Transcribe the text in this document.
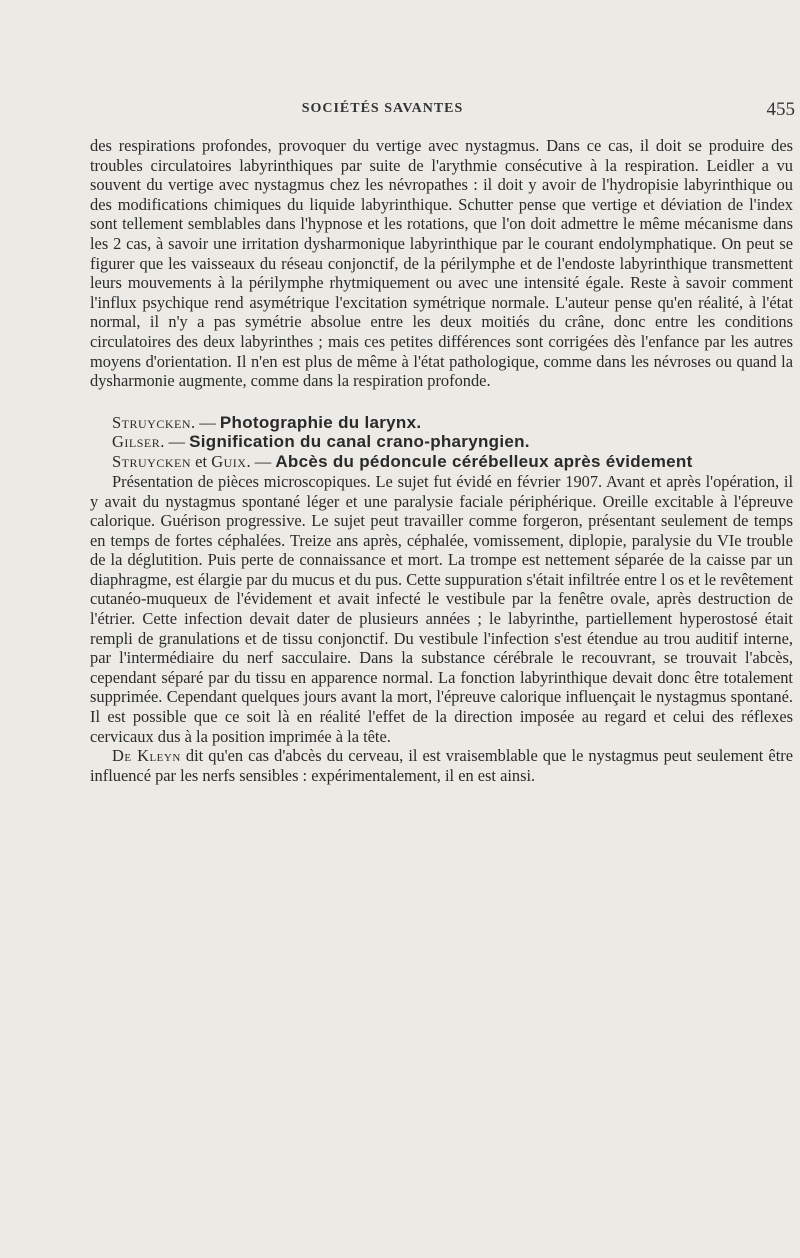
SOCIÉTÉS SAVANTES	455

des respirations profondes, provoquer du vertige avec nystagmus. Dans ce cas, il doit se produire des troubles circulatoires labyrinthiques par suite de l'arythmie consécutive à la respiration. Leidler a vu souvent du vertige avec nystagmus chez les névropathes : il doit y avoir de l'hydropisie labyrinthique ou des modifications chimiques du liquide labyrinthique. Schutter pense que vertige et déviation de l'index sont tellement semblables dans l'hypnose et les rotations, que l'on doit admettre le même mécanisme dans les 2 cas, à savoir une irritation dysharmonique labyrinthique par le courant endolymphatique. On peut se figurer que les vaisseaux du réseau conjonctif, de la périlymphe et de l'endoste labyrinthique transmettent leurs mouvements à la périlymphe rhytmiquement ou avec une intensité égale. Reste à savoir comment l'influx psychique rend asymétrique l'excitation symétrique normale. L'auteur pense qu'en réalité, à l'état normal, il n'y a pas symétrie absolue entre les deux moitiés du crâne, donc entre les conditions circulatoires des deux labyrinthes ; mais ces petites différences sont corrigées dès l'enfance par les autres moyens d'orientation. Il n'en est plus de même à l'état pathologique, comme dans les névroses ou quand la dysharmonie augmente, comme dans la respiration profonde.

Struycken. — Photographie du larynx.

Gilser. — Signification du canal crano-pharyngien.

Struycken et Guix. — Abcès du pédoncule cérébelleux après évidement

Présentation de pièces microscopiques. Le sujet fut évidé en février 1907. Avant et après l'opération, il y avait du nystagmus spontané léger et une paralysie faciale périphérique. Oreille excitable à l'épreuve calorique. Guérison progressive. Le sujet peut travailler comme forgeron, présentant seulement de temps en temps de fortes céphalées. Treize ans après, céphalée, vomissement, diplopie, paralysie du VIe trouble de la déglutition. Puis perte de connaissance et mort. La trompe est nettement séparée de la caisse par un diaphragme, est élargie par du mucus et du pus. Cette suppuration s'était infiltrée entre l os et le revêtement cutanéo-muqueux de l'évidement et avait infecté le vestibule par la fenêtre ovale, après destruction de l'étrier. Cette infection devait dater de plusieurs années ; le labyrinthe, partiellement hyperostosé était rempli de granulations et de tissu conjonctif. Du vestibule l'infection s'est étendue au trou auditif interne, par l'intermédiaire du nerf sacculaire. Dans la substance cérébrale le recouvrant, se trouvait l'abcès, cependant séparé par du tissu en apparence normal. La fonction labyrinthique devait donc être totalement supprimée. Cependant quelques jours avant la mort, l'épreuve calorique influençait le nystagmus spontané. Il est possible que ce soit là en réalité l'effet de la direction imposée au regard et celui des réflexes cervicaux dus à la position imprimée à la tête.

De Kleyn dit qu'en cas d'abcès du cerveau, il est vraisemblable que le nystagmus peut seulement être influencé par les nerfs sensibles : expérimentalement, il en est ainsi.
